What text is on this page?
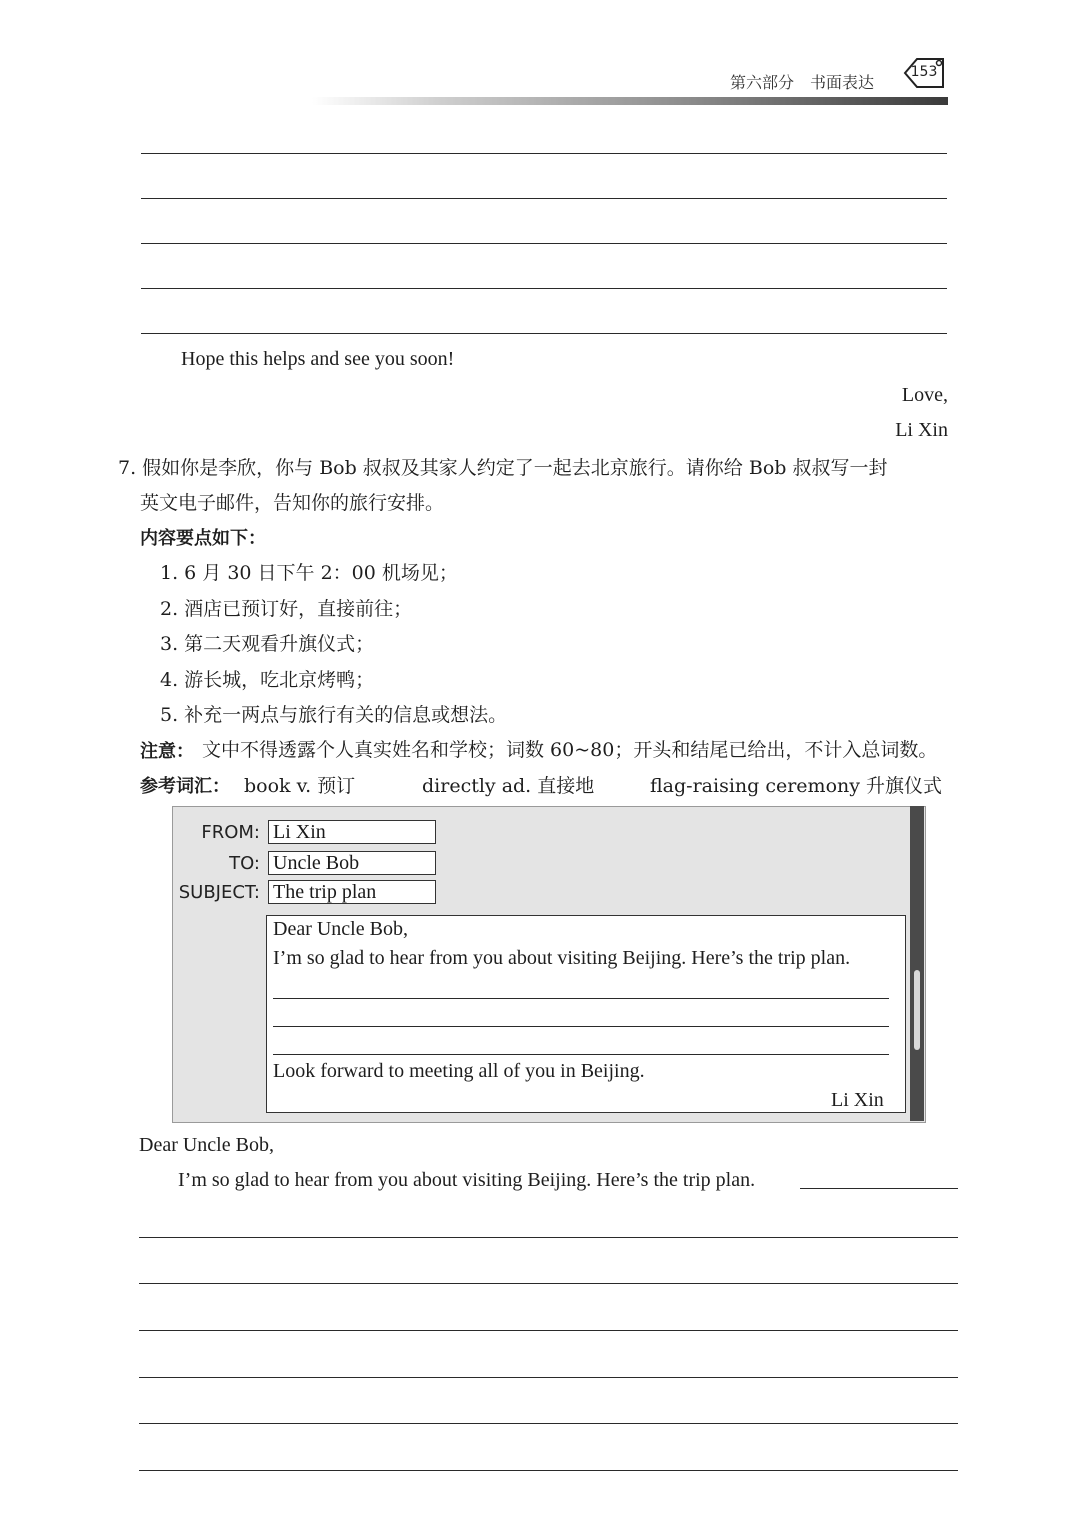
第六部分　书面表达
153
Hope this helps and see you soon!
Love,
Li Xin
7. 假如你是李欣，你与 Bob 叔叔及其家人约定了一起去北京旅行。请你给 Bob 叔叔写一封
英文电子邮件，告知你的旅行安排。
内容要点如下：
1. 6 月 30 日下午 2：00 机场见；
2. 酒店已预订好，直接前往；
3. 第二天观看升旗仪式；
4. 游长城，吃北京烤鸭；
5. 补充一两点与旅行有关的信息或想法。
注意： 文中不得透露个人真实姓名和学校；词数 60~80；开头和结尾已给出，不计入总词数。
参考词汇： book v. 预订	directly ad. 直接地	flag-raising ceremony 升旗仪式
FROM: Li Xin
TO: Uncle Bob
SUBJECT: The trip plan
Dear Uncle Bob,
I’m so glad to hear from you about visiting Beijing. Here’s the trip plan.
Look forward to meeting all of you in Beijing.
Li Xin
Dear Uncle Bob,
I’m so glad to hear from you about visiting Beijing. Here’s the trip plan.
